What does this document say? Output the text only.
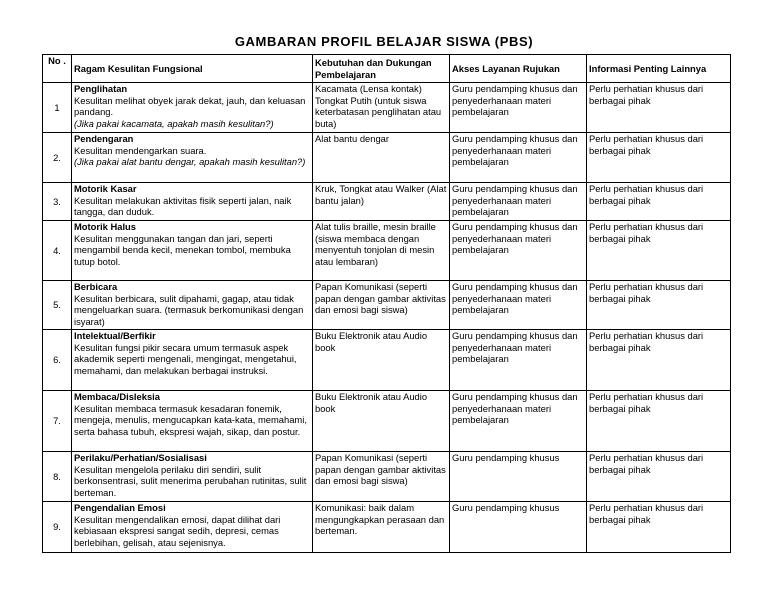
GAMBARAN PROFIL BELAJAR SISWA (PBS)
No .	Ragam Kesulitan Fungsional	Kebutuhan dan Dukungan Pembelajaran	Akses Layanan Rujukan	Informasi Penting Lainnya
1	Penglihatan
Kesulitan melihat obyek jarak dekat, jauh, dan keluasan pandang.
(Jika pakai kacamata, apakah masih kesulitan?)	Kacamata (Lensa kontak) Tongkat Putih (untuk siswa keterbatasan penglihatan atau buta)	Guru pendamping khusus dan penyederhanaan materi pembelajaran	Perlu perhatian khusus dari berbagai pihak
2.	Pendengaran
Kesulitan mendengarkan suara.
(Jika pakai alat bantu dengar, apakah masih kesulitan?)	Alat bantu dengar	Guru pendamping khusus dan penyederhanaan materi pembelajaran	Perlu perhatian khusus dari berbagai pihak
3.	Motorik Kasar
Kesulitan melakukan aktivitas fisik seperti jalan, naik tangga, dan duduk.	Kruk, Tongkat atau Walker (Alat bantu jalan)	Guru pendamping khusus dan penyederhanaan materi pembelajaran	Perlu perhatian khusus dari berbagai pihak
4.	Motorik Halus
Kesulitan menggunakan tangan dan jari, seperti mengambil benda kecil, menekan tombol, membuka tutup botol.	Alat tulis braille, mesin braille (siswa membaca dengan menyentuh tonjolan di mesin atau lembaran)	Guru pendamping khusus dan penyederhanaan materi pembelajaran	Perlu perhatian khusus dari berbagai pihak
5.	Berbicara
Kesulitan berbicara, sulit dipahami, gagap, atau tidak mengeluarkan suara. (termasuk berkomunikasi dengan isyarat)	Papan Komunikasi (seperti papan dengan gambar aktivitas dan emosi bagi siswa)	Guru pendamping khusus dan penyederhanaan materi pembelajaran	Perlu perhatian khusus dari berbagai pihak
6.	Intelektual/Berfikir
Kesulitan fungsi pikir secara umum termasuk aspek akademik seperti mengenali, mengingat, mengetahui, memahami, dan melakukan berbagai instruksi.	Buku Elektronik atau Audio book	Guru pendamping khusus dan penyederhanaan materi pembelajaran	Perlu perhatian khusus dari berbagai pihak
7.	Membaca/Disleksia
Kesulitan membaca termasuk kesadaran fonemik, mengeja, menulis, mengucapkan kata-kata, memahami, serta bahasa tubuh, ekspresi wajah, sikap, dan postur.	Buku Elektronik atau Audio book	Guru pendamping khusus dan penyederhanaan materi pembelajaran	Perlu perhatian khusus dari berbagai pihak
8.	Perilaku/Perhatian/Sosialisasi
Kesulitan mengelola perilaku diri sendiri, sulit berkonsentrasi, sulit menerima perubahan rutinitas, sulit berteman.	Papan Komunikasi (seperti papan dengan gambar aktivitas dan emosi bagi siswa)	Guru pendamping khusus	Perlu perhatian khusus dari berbagai pihak
9.	Pengendalian Emosi
Kesulitan mengendalikan emosi, dapat dilihat dari kebiasaan ekspresi sangat sedih, depresi, cemas berlebihan, gelisah, atau sejenisnya.	Komunikasi: baik dalam mengungkapkan perasaan dan berteman.	Guru pendamping khusus	Perlu perhatian khusus dari berbagai pihak
